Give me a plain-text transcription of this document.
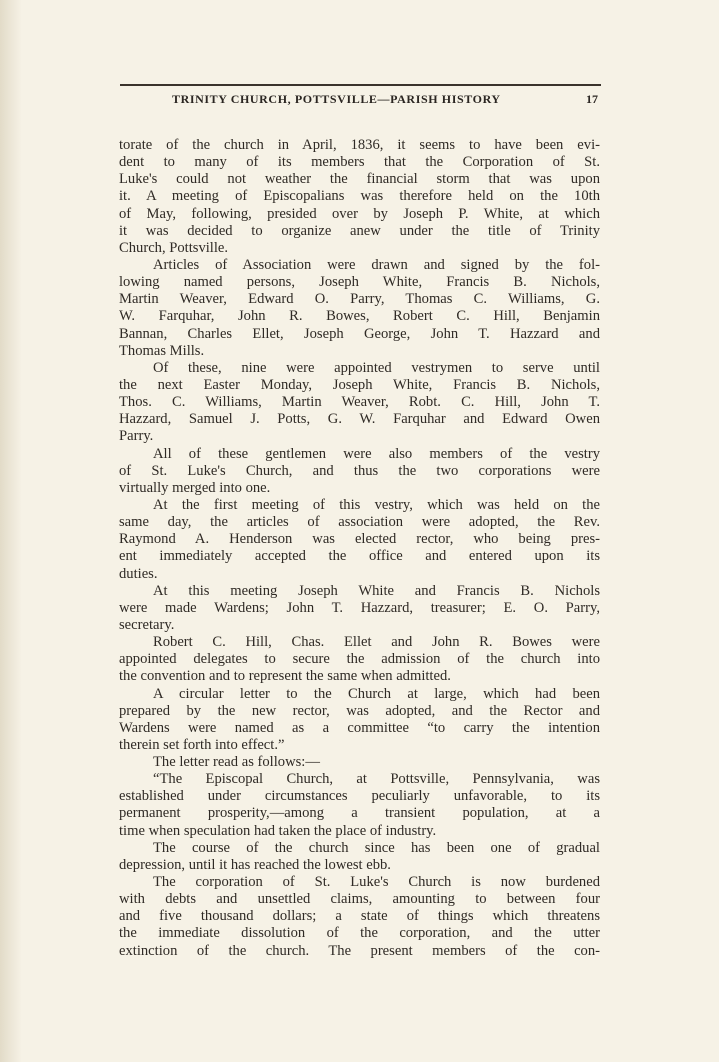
TRINITY CHURCH, POTTSVILLE—PARISH HISTORY	17
torate of the church in April, 1836, it seems to have been evi-
dent to many of its members that the Corporation of St.
Luke's could not weather the financial storm that was upon
it. A meeting of Episcopalians was therefore held on the 10th
of May, following, presided over by Joseph P. White, at which
it was decided to organize anew under the title of Trinity
Church, Pottsville.
Articles of Association were drawn and signed by the fol-
lowing named persons, Joseph White, Francis B. Nichols,
Martin Weaver, Edward O. Parry, Thomas C. Williams, G.
W. Farquhar, John R. Bowes, Robert C. Hill, Benjamin
Bannan, Charles Ellet, Joseph George, John T. Hazzard and
Thomas Mills.
Of these, nine were appointed vestrymen to serve until
the next Easter Monday, Joseph White, Francis B. Nichols,
Thos. C. Williams, Martin Weaver, Robt. C. Hill, John T.
Hazzard, Samuel J. Potts, G. W. Farquhar and Edward Owen
Parry.
All of these gentlemen were also members of the vestry
of St. Luke's Church, and thus the two corporations were
virtually merged into one.
At the first meeting of this vestry, which was held on the
same day, the articles of association were adopted, the Rev.
Raymond A. Henderson was elected rector, who being pres-
ent immediately accepted the office and entered upon its
duties.
At this meeting Joseph White and Francis B. Nichols
were made Wardens; John T. Hazzard, treasurer; E. O. Parry,
secretary.
Robert C. Hill, Chas. Ellet and John R. Bowes were
appointed delegates to secure the admission of the church into
the convention and to represent the same when admitted.
A circular letter to the Church at large, which had been
prepared by the new rector, was adopted, and the Rector and
Wardens were named as a committee “to carry the intention
therein set forth into effect.”
The letter read as follows:—
“The Episcopal Church, at Pottsville, Pennsylvania, was
established under circumstances peculiarly unfavorable, to its
permanent prosperity,—among a transient population, at a
time when speculation had taken the place of industry.
The course of the church since has been one of gradual
depression, until it has reached the lowest ebb.
The corporation of St. Luke's Church is now burdened
with debts and unsettled claims, amounting to between four
and five thousand dollars; a state of things which threatens
the immediate dissolution of the corporation, and the utter
extinction of the church. The present members of the con-
